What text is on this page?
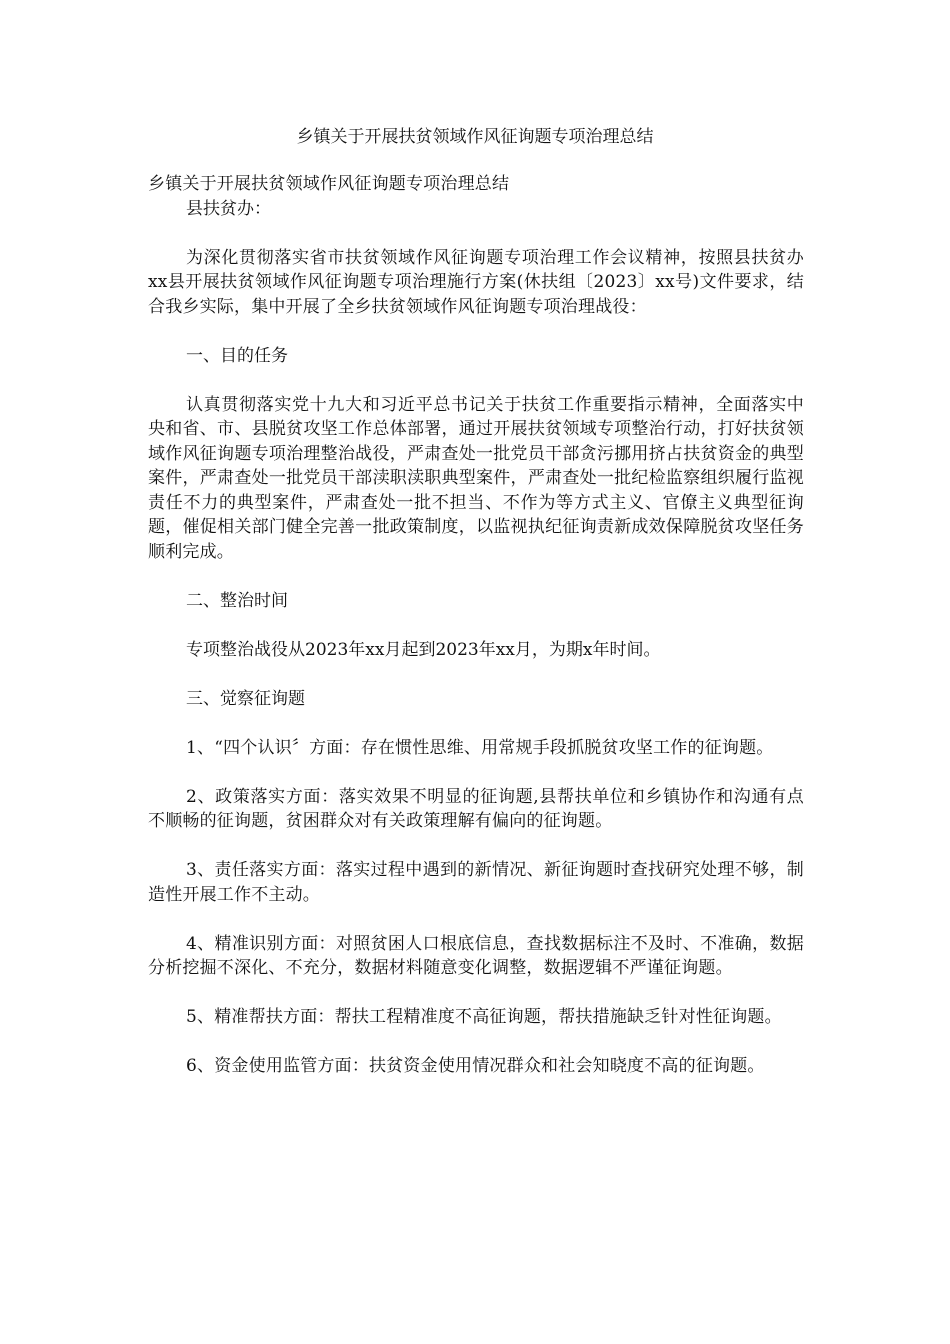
乡镇关于开展扶贫领域作风征询题专项治理总结

乡镇关于开展扶贫领域作风征询题专项治理总结

县扶贫办：

为深化贯彻落实省市扶贫领域作风征询题专项治理工作会议精神，按照县扶贫办xx县开展扶贫领域作风征询题专项治理施行方案(休扶组〔2023〕xx号)文件要求，结合我乡实际，集中开展了全乡扶贫领域作风征询题专项治理战役：

一、目的任务

认真贯彻落实党十九大和习近平总书记关于扶贫工作重要指示精神，全面落实中央和省、市、县脱贫攻坚工作总体部署，通过开展扶贫领域专项整治行动，打好扶贫领域作风征询题专项治理整治战役，严肃查处一批党员干部贪污挪用挤占扶贫资金的典型案件，严肃查处一批党员干部渎职渎职典型案件，严肃查处一批纪检监察组织履行监视责任不力的典型案件，严肃查处一批不担当、不作为等方式主义、官僚主义典型征询题，催促相关部门健全完善一批政策制度，以监视执纪征询责新成效保障脱贫攻坚任务顺利完成。

二、整治时间

专项整治战役从2023年xx月起到2023年xx月，为期x年时间。

三、觉察征询题

1、“四个认识〞方面：存在惯性思维、用常规手段抓脱贫攻坚工作的征询题。

2、政策落实方面：落实效果不明显的征询题,县帮扶单位和乡镇协作和沟通有点不顺畅的征询题，贫困群众对有关政策理解有偏向的征询题。

3、责任落实方面：落实过程中遇到的新情况、新征询题时查找研究处理不够，制造性开展工作不主动。

4、精准识别方面：对照贫困人口根底信息，查找数据标注不及时、不准确，数据分析挖掘不深化、不充分，数据材料随意变化调整，数据逻辑不严谨征询题。

5、精准帮扶方面：帮扶工程精准度不高征询题，帮扶措施缺乏针对性征询题。

6、资金使用监管方面：扶贫资金使用情况群众和社会知晓度不高的征询题。
